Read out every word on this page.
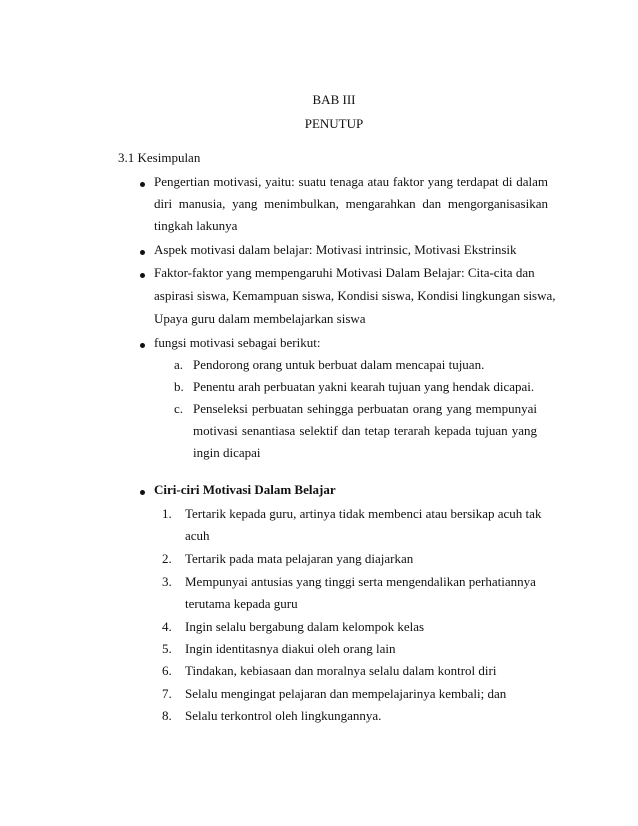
BAB III
PENUTUP
3.1 Kesimpulan
Pengertian motivasi, yaitu: suatu tenaga atau faktor yang terdapat di dalam
diri manusia, yang menimbulkan, mengarahkan dan mengorganisasikan
tingkah lakunya
Aspek motivasi dalam belajar: Motivasi intrinsic, Motivasi Ekstrinsik
Faktor-faktor yang mempengaruhi Motivasi Dalam Belajar: Cita-cita dan
aspirasi siswa, Kemampuan siswa, Kondisi siswa, Kondisi lingkungan siswa,
Upaya guru dalam membelajarkan siswa
fungsi motivasi sebagai berikut:
a. Pendorong orang untuk berbuat dalam mencapai tujuan.
b. Penentu arah perbuatan yakni kearah tujuan yang hendak dicapai.
c. Penseleksi perbuatan sehingga perbuatan orang yang mempunyai
motivasi senantiasa selektif dan tetap terarah kepada tujuan yang
ingin dicapai
Ciri-ciri Motivasi Dalam Belajar
1. Tertarik kepada guru, artinya tidak membenci atau bersikap acuh tak
acuh
2. Tertarik pada mata pelajaran yang diajarkan
3. Mempunyai antusias yang tinggi serta mengendalikan perhatiannya
terutama kepada guru
4. Ingin selalu bergabung dalam kelompok kelas
5. Ingin identitasnya diakui oleh orang lain
6. Tindakan, kebiasaan dan moralnya selalu dalam kontrol diri
7. Selalu mengingat pelajaran dan mempelajarinya kembali; dan
8. Selalu terkontrol oleh lingkungannya.
